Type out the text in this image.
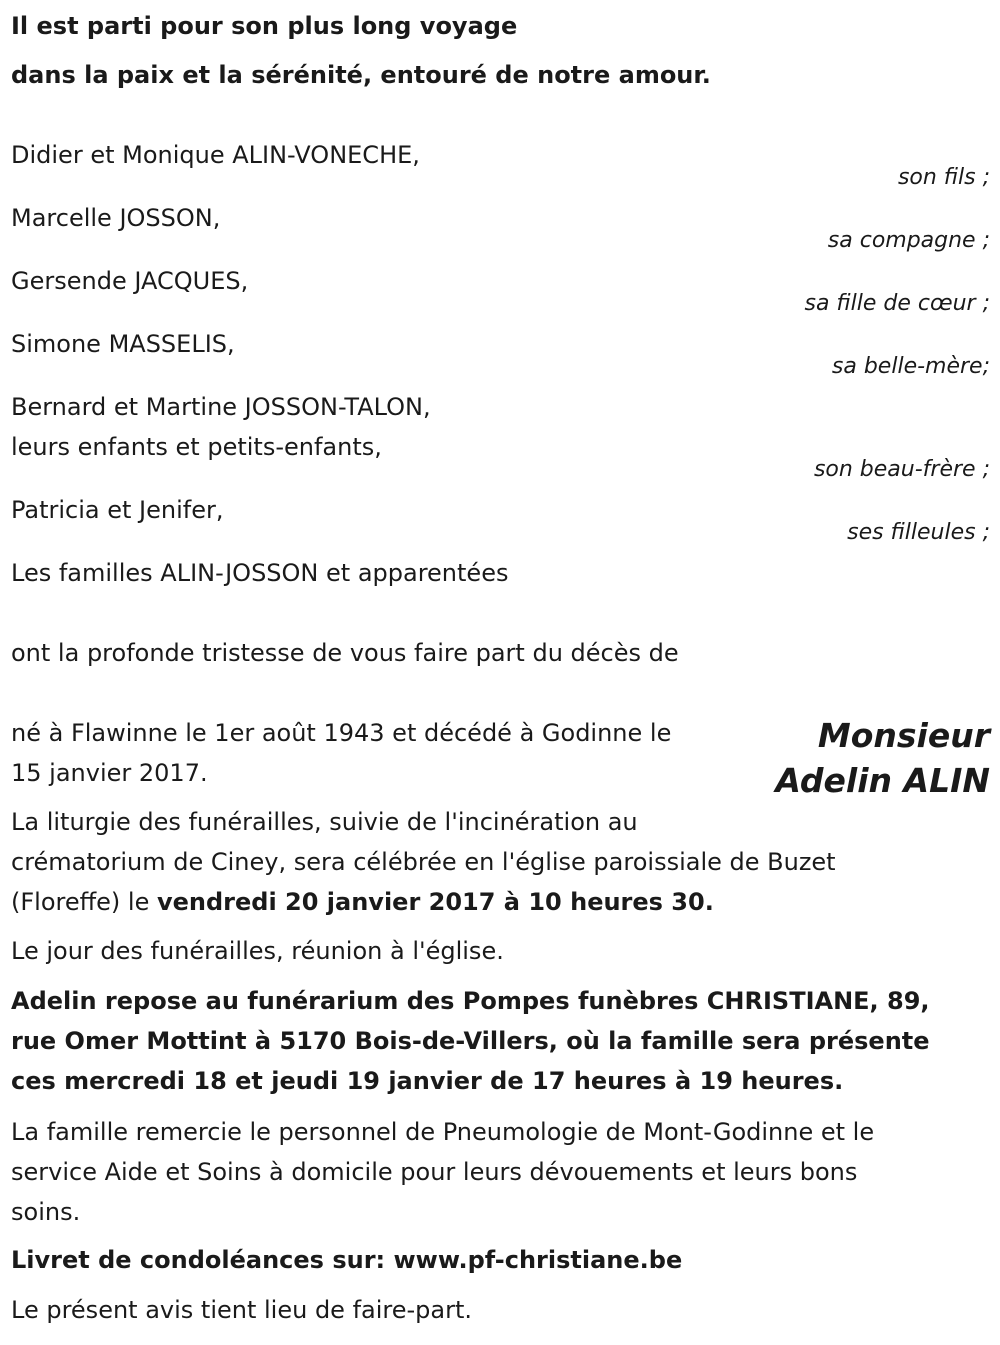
Il est parti pour son plus long voyage
dans la paix et la sérénité, entouré de notre amour.
Didier et Monique ALIN-VONECHE,
son fils ;
Marcelle JOSSON,
sa compagne ;
Gersende JACQUES,
sa fille de cœur ;
Simone MASSELIS,
sa belle-mère;
Bernard et Martine JOSSON-TALON,
leurs enfants et petits-enfants,
son beau-frère ;
Patricia et Jenifer,
ses filleules ;
Les familles ALIN-JOSSON et apparentées
ont la profonde tristesse de vous faire part du décès de
Monsieur
Adelin ALIN
né à Flawinne le 1er août 1943 et décédé à Godinne le
15 janvier 2017.
La liturgie des funérailles, suivie de l'incinération au
crématorium de Ciney, sera célébrée en l'église paroissiale de Buzet
(Floreffe) le vendredi 20 janvier 2017 à 10 heures 30.
Le jour des funérailles, réunion à l'église.
Adelin repose au funérarium des Pompes funèbres CHRISTIANE, 89,
rue Omer Mottint à 5170 Bois-de-Villers, où la famille sera présente
ces mercredi 18 et jeudi 19 janvier de 17 heures à 19 heures.
La famille remercie le personnel de Pneumologie de Mont-Godinne et le
service Aide et Soins à domicile pour leurs dévouements et leurs bons
soins.
Livret de condoléances sur: www.pf-christiane.be
Le présent avis tient lieu de faire-part.
